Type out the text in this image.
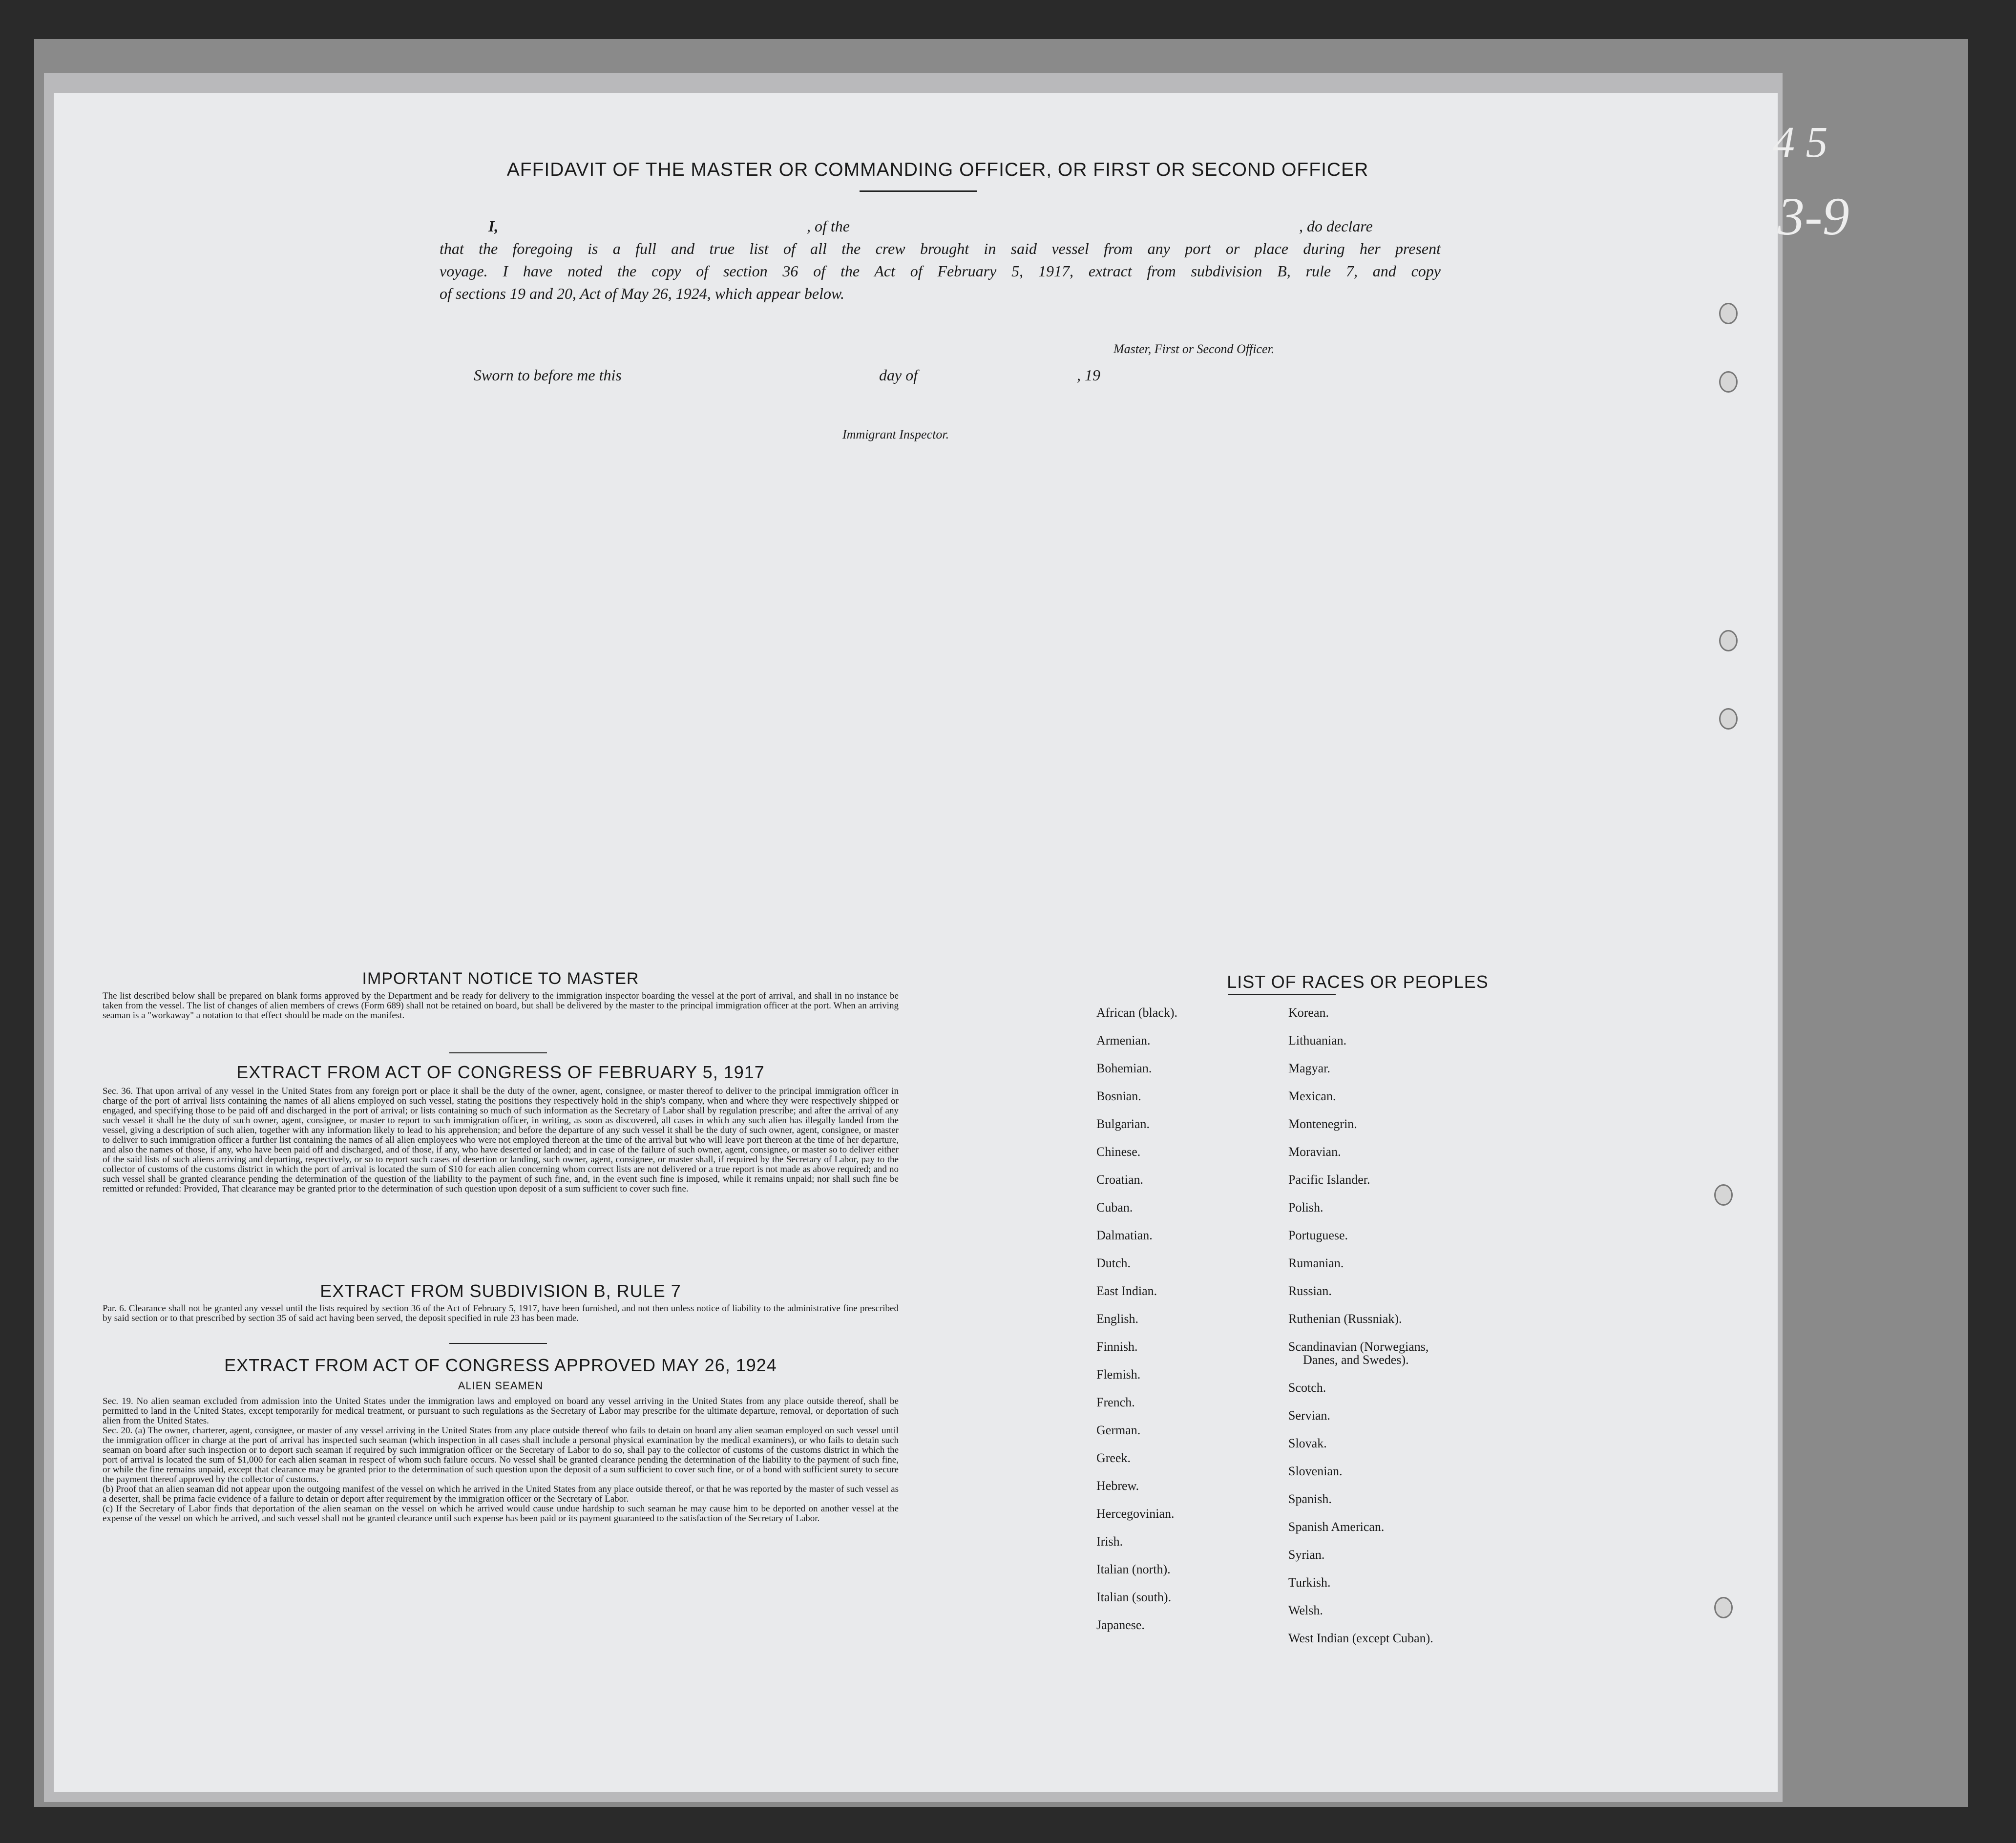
AFFIDAVIT OF THE MASTER OR COMMANDING OFFICER, OR FIRST OR SECOND OFFICER
I,	, of the	, do declare
that the foregoing is a full and true list of all the crew brought in said vessel from any port or place during her present
voyage. I have noted the copy of section 36 of the Act of February 5, 1917, extract from subdivision B, rule 7, and copy
of sections 19 and 20, Act of May 26, 1924, which appear below.
Master, First or Second Officer.
Sworn to before me this	day of	, 19
Immigrant Inspector.
IMPORTANT NOTICE TO MASTER
The list described below shall be prepared on blank forms approved by the Department and be ready for delivery to the immigration inspector boarding the vessel at the port of arrival, and shall in no instance be taken from the vessel. The list of changes of alien members of crews (Form 689) shall not be retained on board, but shall be delivered by the master to the principal immigration officer at the port. When an arriving seaman is a "workaway" a notation to that effect should be made on the manifest.
EXTRACT FROM ACT OF CONGRESS OF FEBRUARY 5, 1917
Sec. 36. That upon arrival of any vessel in the United States from any foreign port or place it shall be the duty of the owner, agent, consignee, or master thereof to deliver to the principal immigration officer in charge of the port of arrival lists containing the names of all aliens employed on such vessel, stating the positions they respectively hold in the ship's company, when and where they were respectively shipped or engaged, and specifying those to be paid off and discharged in the port of arrival; or lists containing so much of such information as the Secretary of Labor shall by regulation prescribe; and after the arrival of any such vessel it shall be the duty of such owner, agent, consignee, or master to report to such immigration officer, in writing, as soon as discovered, all cases in which any such alien has illegally landed from the vessel, giving a description of such alien, together with any information likely to lead to his apprehension; and before the departure of any such vessel it shall be the duty of such owner, agent, consignee, or master to deliver to such immigration officer a further list containing the names of all alien employees who were not employed thereon at the time of the arrival but who will leave port thereon at the time of her departure, and also the names of those, if any, who have been paid off and discharged, and of those, if any, who have deserted or landed; and in case of the failure of such owner, agent, consignee, or master so to deliver either of the said lists of such aliens arriving and departing, respectively, or so to report such cases of desertion or landing, such owner, agent, consignee, or master shall, if required by the Secretary of Labor, pay to the collector of customs of the customs district in which the port of arrival is located the sum of $10 for each alien concerning whom correct lists are not delivered or a true report is not made as above required; and no such vessel shall be granted clearance pending the determination of the question of the liability to the payment of such fine, and, in the event such fine is imposed, while it remains unpaid; nor shall such fine be remitted or refunded: Provided, That clearance may be granted prior to the determination of such question upon deposit of a sum sufficient to cover such fine.
EXTRACT FROM SUBDIVISION B, RULE 7
Par. 6. Clearance shall not be granted any vessel until the lists required by section 36 of the Act of February 5, 1917, have been furnished, and not then unless notice of liability to the administrative fine prescribed by said section or to that prescribed by section 35 of said act having been served, the deposit specified in rule 23 has been made.
EXTRACT FROM ACT OF CONGRESS APPROVED MAY 26, 1924
ALIEN SEAMEN
Sec. 19. No alien seaman excluded from admission into the United States under the immigration laws and employed on board any vessel arriving in the United States from any place outside thereof, shall be permitted to land in the United States, except temporarily for medical treatment, or pursuant to such regulations as the Secretary of Labor may prescribe for the ultimate departure, removal, or deportation of such alien from the United States.
Sec. 20. (a) The owner, charterer, agent, consignee, or master of any vessel arriving in the United States from any place outside thereof who fails to detain on board any alien seaman employed on such vessel until the immigration officer in charge at the port of arrival has inspected such seaman (which inspection in all cases shall include a personal physical examination by the medical examiners), or who fails to detain such seaman on board after such inspection or to deport such seaman if required by such immigration officer or the Secretary of Labor to do so, shall pay to the collector of customs of the customs district in which the port of arrival is located the sum of $1,000 for each alien seaman in respect of whom such failure occurs. No vessel shall be granted clearance pending the determination of the liability to the payment of such fine, or while the fine remains unpaid, except that clearance may be granted prior to the determination of such question upon the deposit of a sum sufficient to cover such fine, or of a bond with sufficient surety to secure the payment thereof approved by the collector of customs.
(b) Proof that an alien seaman did not appear upon the outgoing manifest of the vessel on which he arrived in the United States from any place outside thereof, or that he was reported by the master of such vessel as a deserter, shall be prima facie evidence of a failure to detain or deport after requirement by the immigration officer or the Secretary of Labor.
(c) If the Secretary of Labor finds that deportation of the alien seaman on the vessel on which he arrived would cause undue hardship to such seaman he may cause him to be deported on another vessel at the expense of the vessel on which he arrived, and such vessel shall not be granted clearance until such expense has been paid or its payment guaranteed to the satisfaction of the Secretary of Labor.
LIST OF RACES OR PEOPLES
African (black).
Armenian.
Bohemian.
Bosnian.
Bulgarian.
Chinese.
Croatian.
Cuban.
Dalmatian.
Dutch.
East Indian.
English.
Finnish.
Flemish.
French.
German.
Greek.
Hebrew.
Hercegovinian.
Irish.
Italian (north).
Italian (south).
Japanese.
Korean.
Lithuanian.
Magyar.
Mexican.
Montenegrin.
Moravian.
Pacific Islander.
Polish.
Portuguese.
Rumanian.
Russian.
Ruthenian (Russniak).
Scandinavian (Norwegians,
Danes, and Swedes).
Scotch.
Servian.
Slovak.
Slovenian.
Spanish.
Spanish American.
Syrian.
Turkish.
Welsh.
West Indian (except Cuban).
4 5
3-9
